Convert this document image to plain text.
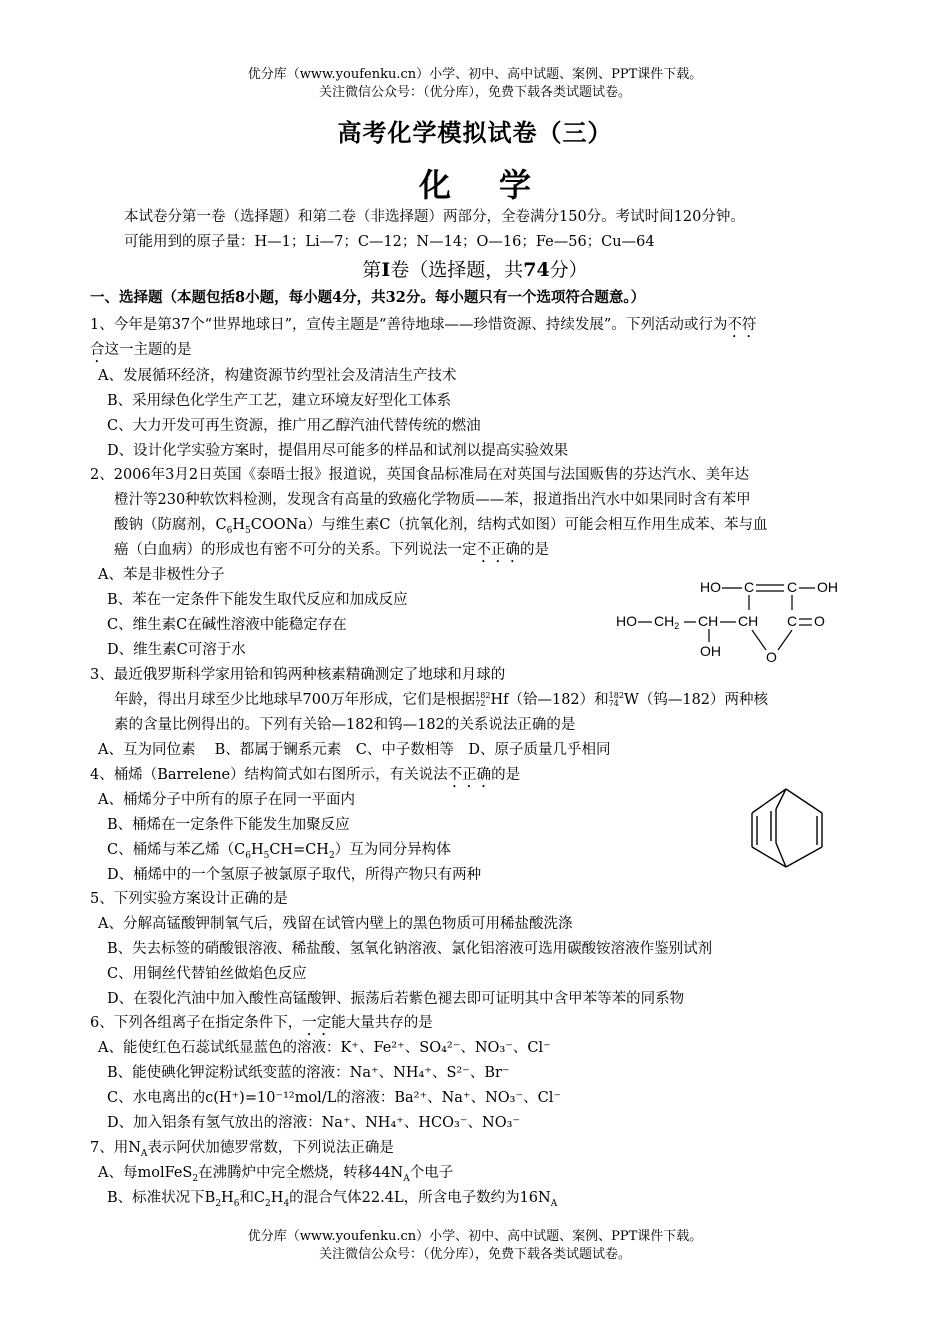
优分库（www.youfenku.cn）小学、初中、高中试题、案例、PPT课件下载。
关注微信公众号：（优分库），免费下载各类试题试卷。
高考化学模拟试卷（三）
化 学
本试卷分第一卷（选择题）和第二卷（非选择题）两部分，全卷满分150分。考试时间120分钟。
可能用到的原子量：H—1；Li—7；C—12；N—14；O—16；Fe—56；Cu—64
第I卷（选择题，共74分）
一、选择题（本题包括8小题，每小题4分，共32分。每小题只有一个选项符合题意。）
1、今年是第37个“世界地球日”，宣传主题是“善待地球——珍惜资源、持续发展”。下列活动或行为不符
合这一主题的是
A、发展循环经济，构建资源节约型社会及清洁生产技术
B、采用绿色化学生产工艺，建立环境友好型化工体系
C、大力开发可再生资源，推广用乙醇汽油代替传统的燃油
D、设计化学实验方案时，提倡用尽可能多的样品和试剂以提高实验效果
2、2006年3月2日英国《泰晤士报》报道说，英国食品标准局在对英国与法国贩售的芬达汽水、美年达
橙汁等230种软饮料检测，发现含有高量的致癌化学物质——苯，报道指出汽水中如果同时含有苯甲
酸钠（防腐剂，$C_6H_5COONa$）与维生素C（抗氧化剂，结构式如图）可能会相互作用生成苯、苯与血
癌（白血病）的形成也有密不可分的关系。下列说法一定不正确的是
A、苯是非极性分子
B、苯在一定条件下能发生取代反应和加成反应
C、维生素C在碱性溶液中能稳定存在
D、维生素C可溶于水
HO C C OH
HO $CH_2$ CH CH C O
OH	O
3、最近俄罗斯科学家用铪和钨两种核素精确测定了地球和月球的
年龄，得出月球至少比地球早700万年形成，它们是根据 182
72 Hf（铪—182）和 182
74 W（钨—182）两种核
素的含量比例得出的。下列有关铪—182和钨—182的关系说法正确的是
A、互为同位素　 B、都属于镧系元素　C、中子数相等　D、原子质量几乎相同
4、桶烯（Barrelene）结构简式如右图所示，有关说法不正确的是
A、桶烯分子中所有的原子在同一平面内
B、桶烯在一定条件下能发生加聚反应
C、桶烯与苯乙烯$(C_6H_5CH=CH_2)$互为同分异构体
D、桶烯中的一个氢原子被氯原子取代，所得产物只有两种
5、下列实验方案设计正确的是
A、分解高锰酸钾制氧气后，残留在试管内壁上的黑色物质可用稀盐酸洗涤
B、失去标签的硝酸银溶液、稀盐酸、氢氧化钠溶液、氯化铝溶液可选用碳酸铵溶液作鉴别试剂
C、用铜丝代替铂丝做焰色反应
D、在裂化汽油中加入酸性高锰酸钾、振荡后若紫色褪去即可证明其中含甲苯等苯的同系物
6、下列各组离子在指定条件下，一定能大量共存的是
A、能使红色石蕊试纸显蓝色的溶液：K⁺、Fe²⁺、SO₄²⁻、NO₃⁻、Cl⁻
B、能使碘化钾淀粉试纸变蓝的溶液：Na⁺、NH₄⁺、S²⁻、Br⁻
C、水电离出的c(H⁺)=10⁻¹²mol/L的溶液：Ba²⁺、Na⁺、NO₃⁻、Cl⁻
D、加入铝条有氢气放出的溶液：Na⁺、NH₄⁺、HCO₃⁻、NO₃⁻
7、用$N_A$表示阿伏加德罗常数，下列说法正确是
A、每molFeS$_2$在沸腾炉中完全燃烧，转移$44N_A$个电子
B、标准状况下$B_2H_6$和$C_2H_4$的混合气体22.4L，所含电子数约为$16N_A$
优分库（www.youfenku.cn）小学、初中、高中试题、案例、PPT课件下载。
关注微信公众号：（优分库），免费下载各类试题试卷。
